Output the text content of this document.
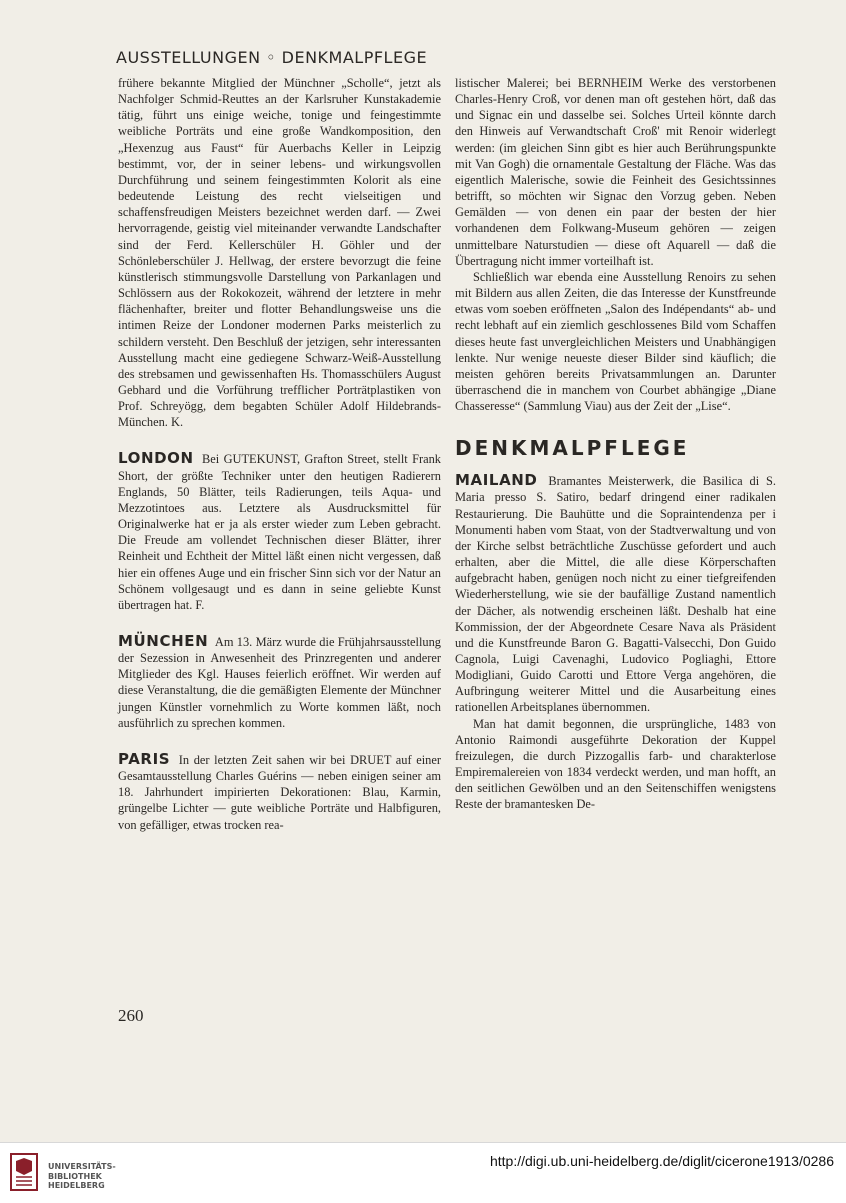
AUSSTELLUNGEN ◦ DENKMALPFLEGE

frühere bekannte Mitglied der Münchner „Scholle“, jetzt als Nachfolger Schmid-Reuttes an der Karlsruher Kunstakademie tätig, führt uns einige weiche, tonige und feingestimmte weibliche Porträts und eine große Wandkomposition, den „Hexenzug aus Faust“ für Auerbachs Keller in Leipzig bestimmt, vor, der in seiner lebens- und wirkungsvollen Durchführung und seinem feingestimmten Kolorit als eine bedeutende Leistung des recht vielseitigen und schaffensfreudigen Meisters bezeichnet werden darf. — Zwei hervorragende, geistig viel miteinander verwandte Landschafter sind der Ferd. Kellerschüler H. Göhler und der Schönleberschüler J. Hellwag, der erstere bevorzugt die feine künstlerisch stimmungsvolle Darstellung von Parkanlagen und Schlössern aus der Rokokozeit, während der letztere in mehr flächenhafter, breiter und flotter Behandlungsweise uns die intimen Reize der Londoner modernen Parks meisterlich zu schildern versteht. Den Beschluß der jetzigen, sehr interessanten Ausstellung macht eine gediegene Schwarz-Weiß-Ausstellung des strebsamen und gewissenhaften Hs. Thomasschülers August Gebhard und die Vorführung trefflicher Porträtplastiken von Prof. Schreyögg, dem begabten Schüler Adolf Hildebrands-München. K.

LONDON Bei GUTEKUNST, Grafton Street, stellt Frank Short, der größte Techniker unter den heutigen Radierern Englands, 50 Blätter, teils Radierungen, teils Aqua- und Mezzotintoes aus. Letztere als Ausdrucksmittel für Originalwerke hat er ja als erster wieder zum Leben gebracht. Die Freude am vollendet Technischen dieser Blätter, ihrer Reinheit und Echtheit der Mittel läßt einen nicht vergessen, daß hier ein offenes Auge und ein frischer Sinn sich vor der Natur an Schönem vollgesaugt und es dann in seine geliebte Kunst übertragen hat. F.

MÜNCHEN Am 13. März wurde die Frühjahrsausstellung der Sezession in Anwesenheit des Prinzregenten und anderer Mitglieder des Kgl. Hauses feierlich eröffnet. Wir werden auf diese Veranstaltung, die die gemäßigten Elemente der Münchner jungen Künstler vornehmlich zu Worte kommen läßt, noch ausführlich zu sprechen kommen.

PARIS In der letzten Zeit sahen wir bei DRUET auf einer Gesamtausstellung Charles Guérins — neben einigen seiner am 18. Jahrhundert impirierten Dekorationen: Blau, Karmin, grüngelbe Lichter — gute weibliche Porträte und Halbfiguren, von gefälliger, etwas trocken rea-

listischer Malerei; bei BERNHEIM Werke des verstorbenen Charles-Henry Croß, vor denen man oft gestehen hört, daß das und Signac ein und dasselbe sei. Solches Urteil könnte darch den Hinweis auf Verwandtschaft Croß' mit Renoir widerlegt werden: (im gleichen Sinn gibt es hier auch Berührungspunkte mit Van Gogh) die ornamentale Gestaltung der Fläche. Was das eigentlich Malerische, sowie die Feinheit des Gesichtssinnes betrifft, so möchten wir Signac den Vorzug geben. Neben Gemälden — von denen ein paar der besten der hier vorhandenen dem Folkwang-Museum gehören — zeigen unmittelbare Naturstudien — diese oft Aquarell — daß die Übertragung nicht immer vorteilhaft ist.

Schließlich war ebenda eine Ausstellung Renoirs zu sehen mit Bildern aus allen Zeiten, die das Interesse der Kunstfreunde etwas vom soeben eröffneten „Salon des Indépendants“ ab- und recht lebhaft auf ein ziemlich geschlossenes Bild vom Schaffen dieses heute fast unvergleichlichen Meisters und Unabhängigen lenkte. Nur wenige neueste dieser Bilder sind käuflich; die meisten gehören bereits Privatsammlungen an. Darunter überraschend die in manchem von Courbet abhängige „Diane Chasseresse“ (Sammlung Viau) aus der Zeit der „Lise“.

DENKMALPFLEGE

MAILAND Bramantes Meisterwerk, die Basilica di S. Maria presso S. Satiro, bedarf dringend einer radikalen Restaurierung. Die Bauhütte und die Sopraintendenza per i Monumenti haben vom Staat, von der Stadtverwaltung und von der Kirche selbst beträchtliche Zuschüsse gefordert und auch erhalten, aber die Mittel, die alle diese Körperschaften aufgebracht haben, genügen noch nicht zu einer tiefgreifenden Wiederherstellung, wie sie der baufällige Zustand namentlich der Dächer, als notwendig erscheinen läßt. Deshalb hat eine Kommission, der der Abgeordnete Cesare Nava als Präsident und die Kunstfreunde Baron G. Bagatti-Valsecchi, Don Guido Cagnola, Luigi Cavenaghi, Ludovico Pogliaghi, Ettore Modigliani, Guido Carotti und Ettore Verga angehören, die Aufbringung weiterer Mittel und die Ausarbeitung eines rationellen Arbeitsplanes übernommen.

Man hat damit begonnen, die ursprüngliche, 1483 von Antonio Raimondi ausgeführte Dekoration der Kuppel freizulegen, die durch Pizzogallis farb- und charakterlose Empiremalereien von 1834 verdeckt werden, und man hofft, an den seitlichen Gewölben und an den Seitenschiffen wenigstens Reste der bramantesken De-

260
UNIVERSITÄTS-
BIBLIOTHEK
HEIDELBERG
http://digi.ub.uni-heidelberg.de/diglit/cicerone1913/0286
